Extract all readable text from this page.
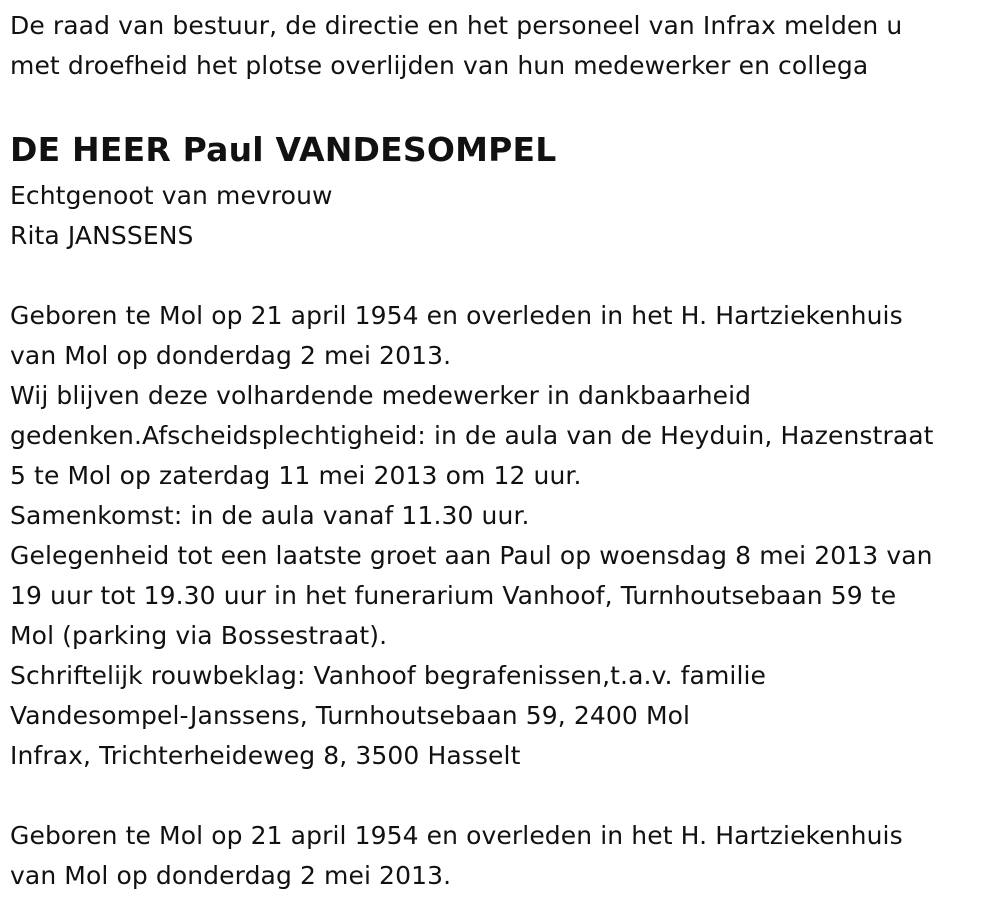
De raad van bestuur, de directie en het personeel van Infrax melden u
met droefheid het plotse overlijden van hun medewerker en collega
DE HEER Paul VANDESOMPEL
Echtgenoot van mevrouw
Rita JANSSENS
Geboren te Mol op 21 april 1954 en overleden in het H. Hartziekenhuis
van Mol op donderdag 2 mei 2013.
Wij blijven deze volhardende medewerker in dankbaarheid
gedenken.Afscheidsplechtigheid: in de aula van de Heyduin, Hazenstraat
5 te Mol op zaterdag 11 mei 2013 om 12 uur.
Samenkomst: in de aula vanaf 11.30 uur.
Gelegenheid tot een laatste groet aan Paul op woensdag 8 mei 2013 van
19 uur tot 19.30 uur in het funerarium Vanhoof, Turnhoutsebaan 59 te
Mol (parking via Bossestraat).
Schriftelijk rouwbeklag: Vanhoof begrafenissen,t.a.v. familie
Vandesompel-Janssens, Turnhoutsebaan 59, 2400 Mol
Infrax, Trichterheideweg 8, 3500 Hasselt
Geboren te Mol op 21 april 1954 en overleden in het H. Hartziekenhuis
van Mol op donderdag 2 mei 2013.
